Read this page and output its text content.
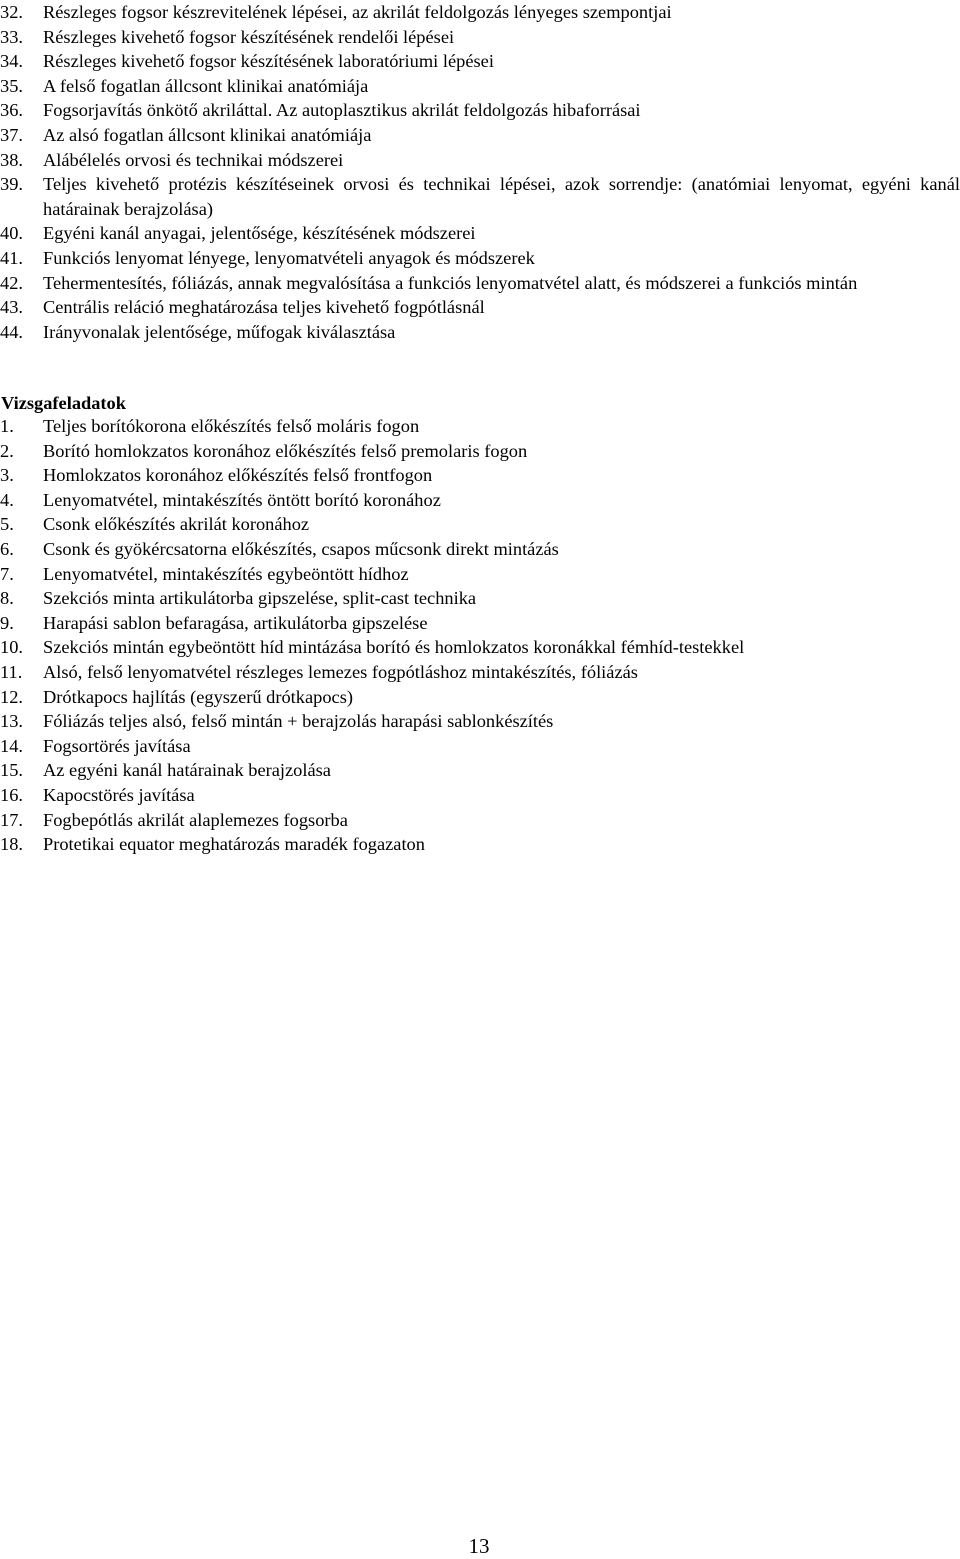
32.	Részleges fogsor készrevitelének lépései, az akrilát feldolgozás lényeges szempontjai
33.	Részleges kivehető fogsor készítésének rendelői lépései
34.	Részleges kivehető fogsor készítésének laboratóriumi lépései
35.	A felső fogatlan állcsont klinikai anatómiája
36.	Fogsorjavítás önkötő akriláttal. Az autoplasztikus akrilát feldolgozás hibaforrásai
37.	Az alsó fogatlan állcsont klinikai anatómiája
38.	Alábélelés orvosi és technikai módszerei
39.	Teljes kivehető protézis készítéseinek orvosi és technikai lépései, azok sorrendje: (anatómiai lenyomat, egyéni kanál határainak berajzolása)
40.	Egyéni kanál anyagai, jelentősége, készítésének módszerei
41.	Funkciós lenyomat lényege, lenyomatvételi anyagok és módszerek
42.	Tehermentesítés, fóliázás, annak megvalósítása a funkciós lenyomatvétel alatt, és módszerei a funkciós mintán
43.	Centrális reláció meghatározása teljes kivehető fogpótlásnál
44.	Irányvonalak jelentősége, műfogak kiválasztása
Vizsgafeladatok
1.	Teljes borítókorona előkészítés felső moláris fogon
2.	Borító homlokzatos koronához előkészítés felső premolaris fogon
3.	Homlokzatos koronához előkészítés felső frontfogon
4.	Lenyomatvétel, mintakészítés öntött borító koronához
5.	Csonk előkészítés akrilát koronához
6.	Csonk és gyökércsatorna előkészítés, csapos műcsonk direkt mintázás
7.	Lenyomatvétel, mintakészítés egybeöntött hídhoz
8.	Szekciós minta artikulátorba gipszelése, split-cast technika
9.	Harapási sablon befaragása, artikulátorba gipszelése
10.	Szekciós mintán egybeöntött híd mintázása borító és homlokzatos koronákkal fémhíd-testekkel
11.	Alsó, felső lenyomatvétel részleges lemezes fogpótláshoz mintakészítés, fóliázás
12.	Drótkapocs hajlítás (egyszerű drótkapocs)
13.	Fóliázás teljes alsó, felső mintán + berajzolás harapási sablonkészítés
14.	Fogsortörés javítása
15.	Az egyéni kanál határainak berajzolása
16.	Kapocstörés javítása
17.	Fogbepótlás akrilát alaplemezes fogsorba
18.	Protetikai equator meghatározás maradék fogazaton
13
